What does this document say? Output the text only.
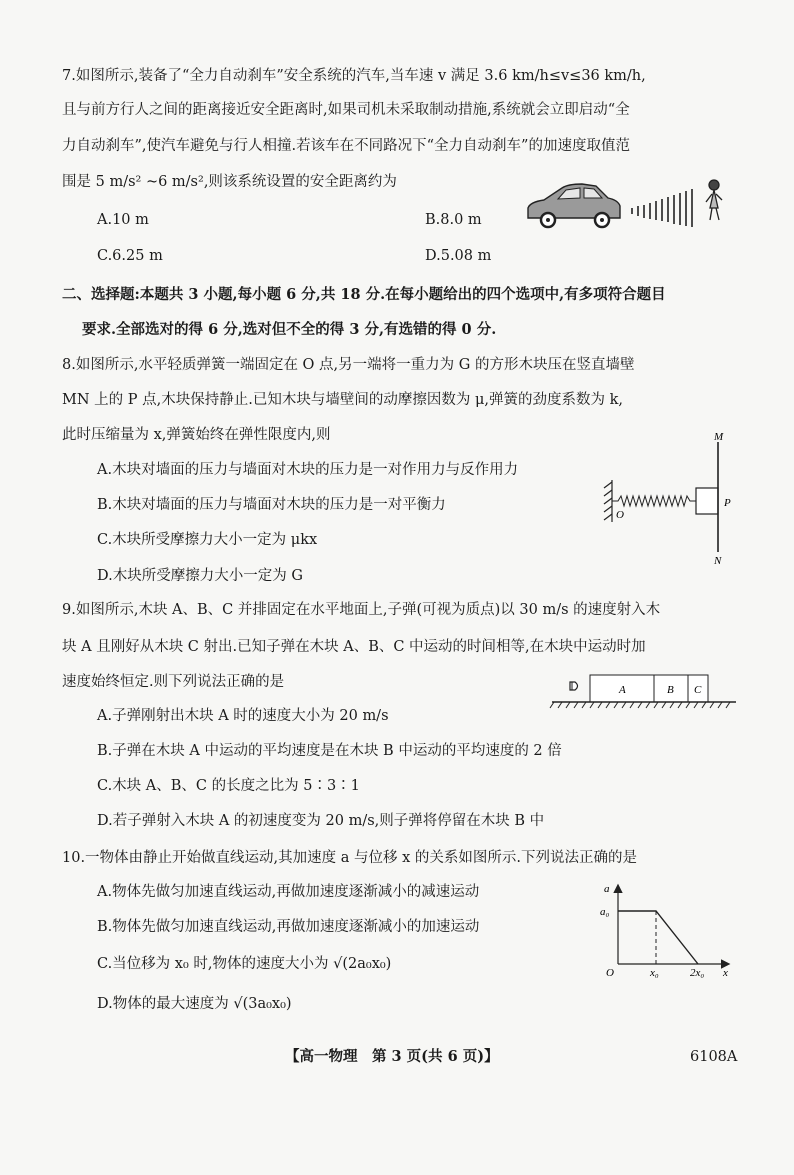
7.如图所示,装备了“全力自动刹车”安全系统的汽车,当车速 v 满足 3.6 km/h≤v≤36 km/h,
且与前方行人之间的距离接近安全距离时,如果司机未采取制动措施,系统就会立即启动“全
力自动刹车”,使汽车避免与行人相撞.若该车在不同路况下“全力自动刹车”的加速度取值范
围是 5 m/s² ~6 m/s²,则该系统设置的安全距离约为
A.10 m	B.8.0 m
C.6.25 m	D.5.08 m
二、选择题:本题共 3 小题,每小题 6 分,共 18 分.在每小题给出的四个选项中,有多项符合题目
要求.全部选对的得 6 分,选对但不全的得 3 分,有选错的得 0 分.
8.如图所示,水平轻质弹簧一端固定在 O 点,另一端将一重力为 G 的方形木块压在竖直墙壁
MN 上的 P 点,木块保持静止.已知木块与墙壁间的动摩擦因数为 μ,弹簧的劲度系数为 k,
此时压缩量为 x,弹簧始终在弹性限度内,则
A.木块对墙面的压力与墙面对木块的压力是一对作用力与反作用力
B.木块对墙面的压力与墙面对木块的压力是一对平衡力
C.木块所受摩擦力大小一定为 μkx
D.木块所受摩擦力大小一定为 G
M
N
O
P
9.如图所示,木块 A、B、C 并排固定在水平地面上,子弹(可视为质点)以 30 m/s 的速度射入木
块 A 且刚好从木块 C 射出.已知子弹在木块 A、B、C 中运动的时间相等,在木块中运动时加
速度始终恒定.则下列说法正确的是
A.子弹刚射出木块 A 时的速度大小为 20 m/s
B.子弹在木块 A 中运动的平均速度是在木块 B 中运动的平均速度的 2 倍
C.木块 A、B、C 的长度之比为 5∶3∶1
D.若子弹射入木块 A 的初速度变为 20 m/s,则子弹将停留在木块 B 中
A	B C
10.一物体由静止开始做直线运动,其加速度 a 与位移 x 的关系如图所示.下列说法正确的是
A.物体先做匀加速直线运动,再做加速度逐渐减小的减速运动
B.物体先做匀加速直线运动,再做加速度逐渐减小的加速运动
C.当位移为 x₀ 时,物体的速度大小为 √(2a₀x₀)
D.物体的最大速度为 √(3a₀x₀)
a
a₀
O	x₀	2x₀ x
【高一物理　第 3 页(共 6 页)】	6108A
